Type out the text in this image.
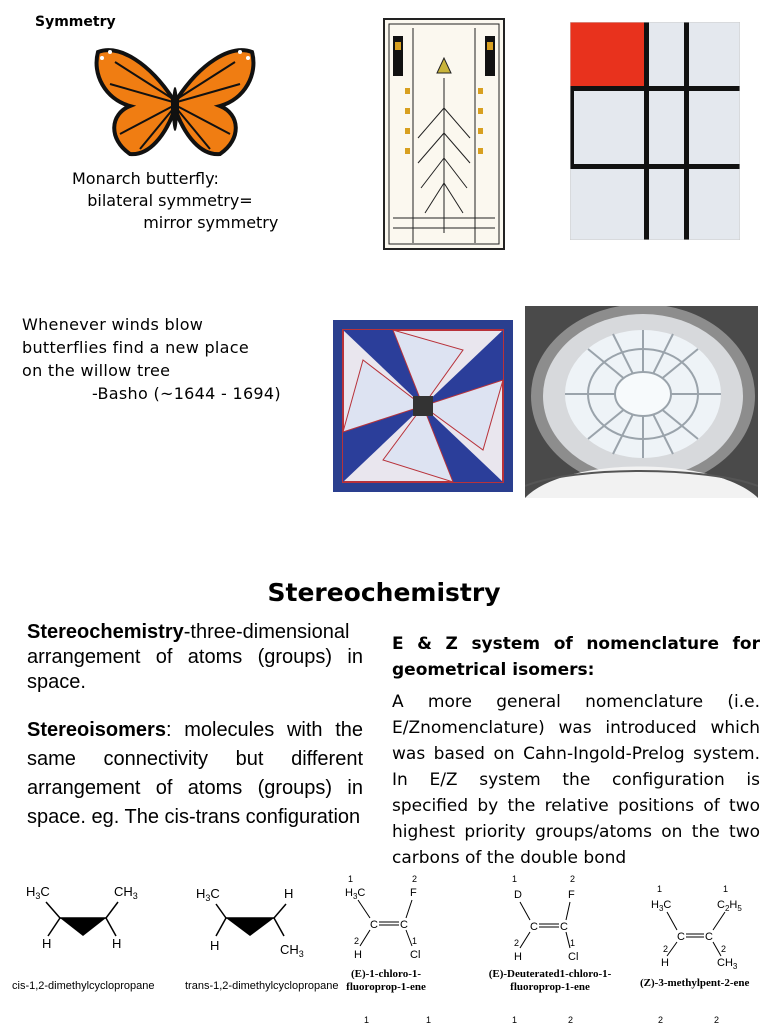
Symmetry
Monarch butterfly:
bilateral symmetry=
mirror symmetry
Whenever winds blow
butterflies find a new place
on the willow tree
-Basho (~1644 - 1694)
Stereochemistry

Stereochemistry-three-dimensional arrangement of atoms (groups) in space.

Stereoisomers: molecules with the same connectivity but different arrangement of atoms (groups) in space. eg. The cis-trans configuration

E & Z system of nomenclature for geometrical isomers:

A more general nomenclature (i.e. E/Znomenclature) was introduced which was based on Cahn-Ingold-Prelog system. In E/Z system the configuration is specified by the relative positions of two highest priority groups/atoms on the two carbons of the double bond

$H_3C$	$CH_3$
H	H
cis-1,2-dimethylcyclopropane
$H_3C$	H
H	$CH_3$
trans-1,2-dimethylcyclopropane
1	2
$H_3C$	F
C C
2	1
H	Cl
(E)-1-chloro-1-
fluoroprop-1-ene
1	2
D	F
C C
2	1
H	Cl
(E)-Deuterated1-chloro-1-
fluoroprop-1-ene
1	1
$H_3C$	$C_2H_5$
C C
2	2
H	$CH_3$
(Z)-3-methylpent-2-ene
1	1	1	2	2	2
